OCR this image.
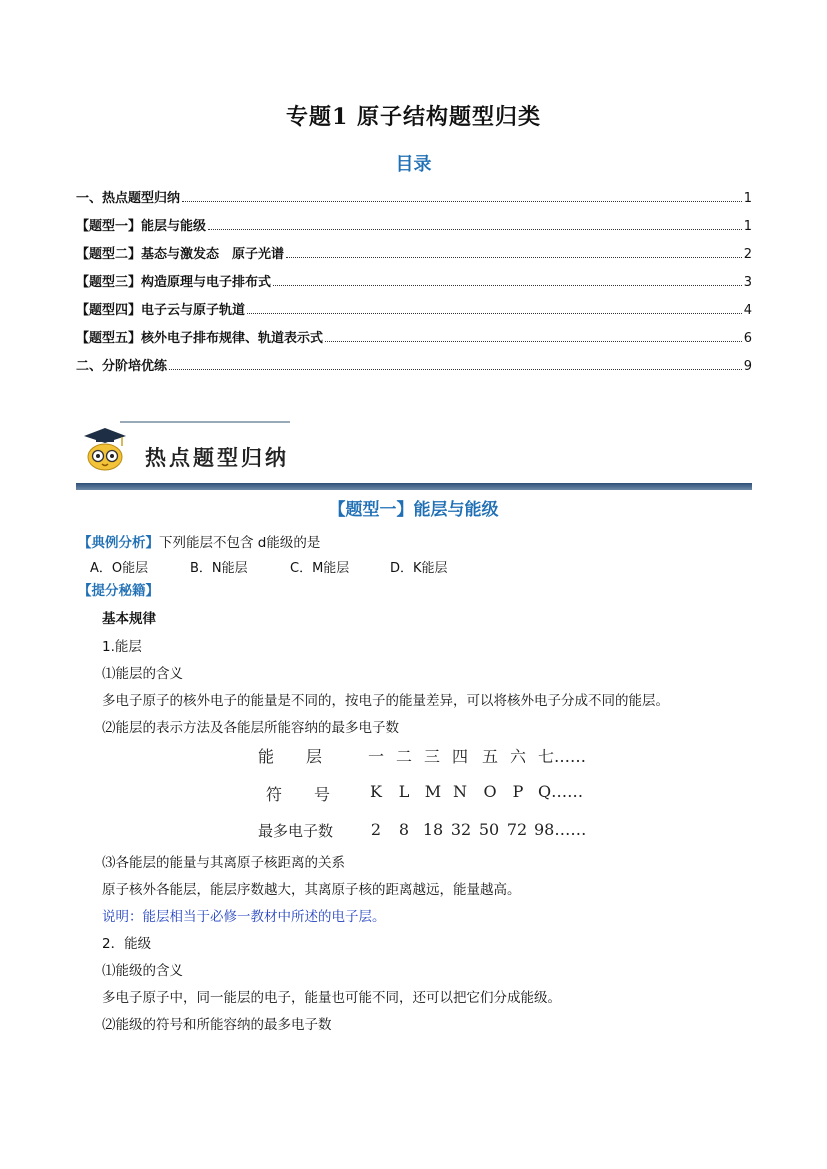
专题1 原子结构题型归类
目录
一、热点题型归纳	1
【题型一】能层与能级	1
【题型二】基态与激发态　原子光谱	2
【题型三】构造原理与电子排布式	3
【题型四】电子云与原子轨道	4
【题型五】核外电子排布规律、轨道表示式	6
二、分阶培优练	9
热点题型归纳
【题型一】能层与能级
【典例分析】下列能层不包含 d能级的是
A．O能层	B．N能层	C．M能层	D．K能层
【提分秘籍】
基本规律
1.能层
⑴能层的含义
多电子原子的核外电子的能量是不同的，按电子的能量差异，可以将核外电子分成不同的能层。
⑵能层的表示方法及各能层所能容纳的最多电子数
能　　层	一 二 三 四 五 六 七……
符　　号	K L M N O P Q……
最多电子数	2	8 18 32 50 72 98……
⑶各能层的能量与其离原子核距离的关系
原子核外各能层，能层序数越大，其离原子核的距离越远，能量越高。
说明：能层相当于必修一教材中所述的电子层。
2．能级
⑴能级的含义
多电子原子中，同一能层的电子，能量也可能不同，还可以把它们分成能级。
⑵能级的符号和所能容纳的最多电子数
